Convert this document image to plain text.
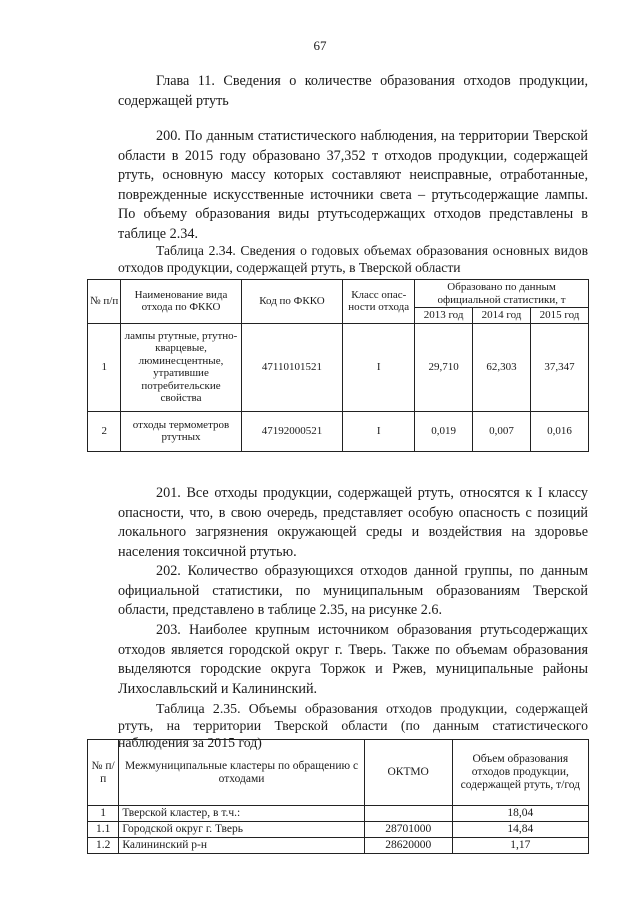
67
Глава 11. Сведения о количестве образования отходов продукции, содержащей ртуть
200. По данным статистического наблюдения, на территории Тверской области в 2015 году образовано 37,352 т отходов продукции, содержащей ртуть, основную массу которых составляют неисправные, отработанные, поврежденные искусственные источники света – ртутьсодержащие лампы. По объему образования виды ртутьсодержащих отходов представлены в таблице 2.34.
Таблица 2.34. Сведения о годовых объемах образования основных видов отходов продукции, содержащей ртуть, в Тверской области
№ п/п	Наименование вида отхода по ФККО	Код по ФККО	Класс опас-ности отхода	Образовано по данным официальной статистики, т		
				2013 год	2014 год	2015 год
1	лампы ртутные, ртутно-кварцевые, люминесцентные, утратившие потребительские свойства	47110101521	I	29,710	62,303	37,347
2	отходы термометров ртутных	47192000521	I	0,019	0,007	0,016
201. Все отходы продукции, содержащей ртуть, относятся к I классу опасности, что, в свою очередь, представляет особую опасность с позиций локального загрязнения окружающей среды и воздействия на здоровье населения токсичной ртутью.
202. Количество образующихся отходов данной группы, по данным официальной статистики, по муниципальным образованиям Тверской области, представлено в таблице 2.35, на рисунке 2.6.
203. Наиболее крупным источником образования ртутьсодержащих отходов является городской округ г. Тверь. Также по объемам образования выделяются городские округа Торжок и Ржев, муниципальные районы Лихославльский и Калининский.
Таблица 2.35. Объемы образования отходов продукции, содержащей ртуть, на территории Тверской области (по данным статистического наблюдения за 2015 год)
№ п/п	Межмуниципальные кластеры по обращению с отходами	ОКТМО	Объем образования отходов продукции, содержащей ртуть, т/год
1	Тверской кластер, в т.ч.:		18,04
1.1	Городской округ г. Тверь	28701000	14,84
1.2	Калининский р-н	28620000	1,17
